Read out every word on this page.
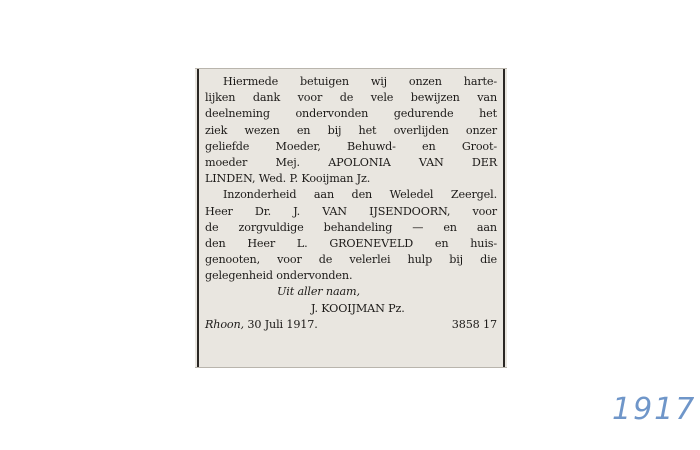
Hiermede betuigen wij onzen harte-
lijken dank voor de vele bewijzen van
deelneming ondervonden gedurende het
ziek wezen en bij het overlijden onzer
geliefde Moeder, Behuwd- en Groot-
moeder Mej. APOLONIA VAN DER
LINDEN, Wed. P. Kooijman Jz.
Inzonderheid aan den Weledel Zeergel.
Heer Dr. J. VAN IJSENDOORN, voor
de zorgvuldige behandeling — en aan
den Heer L. GROENEVELD en huis-
genooten, voor de velerlei hulp bij die
gelegenheid ondervonden.
Uit aller naam,
J. KOOIJMAN Pz.
Rhoon, 30 Juli 1917.	3858 17
1917
